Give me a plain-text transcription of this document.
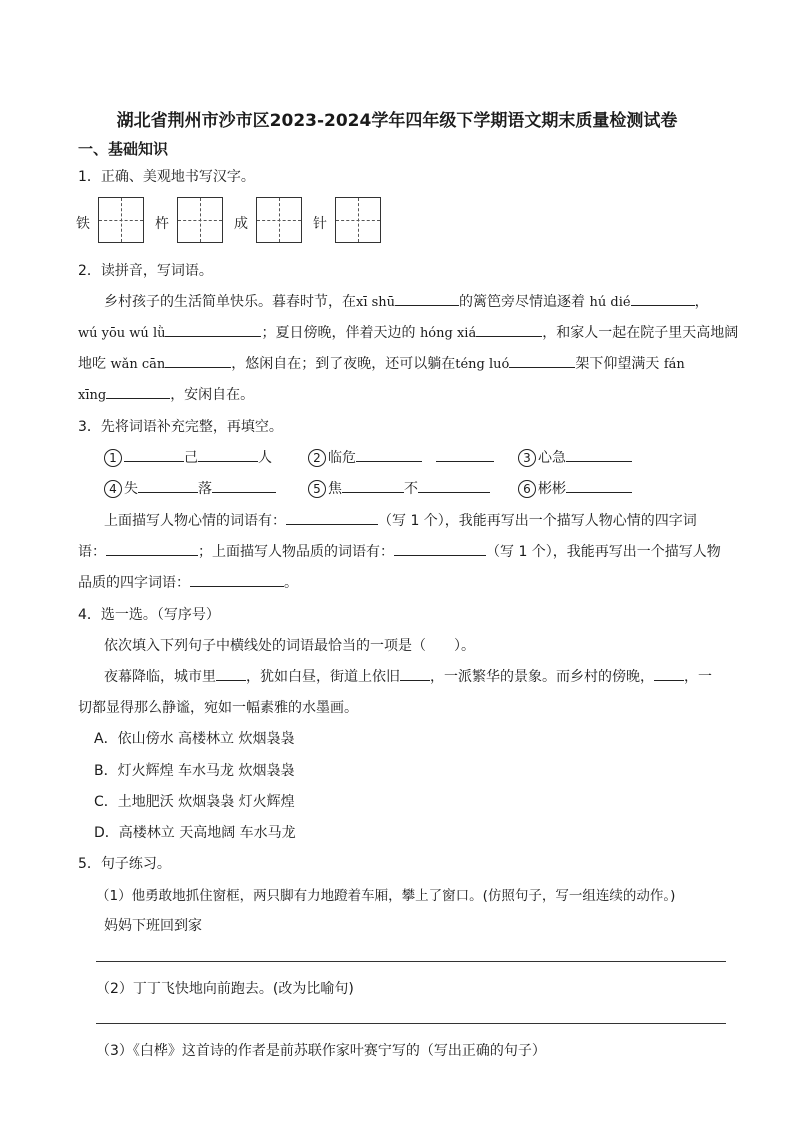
湖北省荆州市沙市区2023-2024学年四年级下学期语文期末质量检测试卷
一、基础知识
1．正确、美观地书写汉字。
铁	杵	成	针
2．读拼音，写词语。
乡村孩子的生活简单快乐。暮春时节，在xī shū	的篱笆旁尽情追逐着 hú dié	，
wú yōu wú lǜ	；夏日傍晚，伴着天边的 hóng xiá	，和家人一起在院子里天高地阔
地吃 wǎn cān	，悠闲自在；到了夜晚，还可以躺在téng luó	架下仰望满天 fán
xīng	，安闲自在。
3．先将词语补充完整，再填空。
1	己	人	2 临危	3 心急
4 失	落	5 焦	不	6 彬彬
上面描写人物心情的词语有：	（写 1 个），我能再写出一个描写人物心情的四字词
语：	；上面描写人物品质的词语有：	（写 1 个），我能再写出一个描写人物
品质的四字词语：	。
4．选一选。（写序号）
依次填入下列句子中横线处的词语最恰当的一项是（　　）。
夜幕降临，城市里 ，犹如白昼，街道上依旧 ，一派繁华的景象。而乡村的傍晚， ，一
切都显得那么静谧，宛如一幅素雅的水墨画。
A．依山傍水 高楼林立 炊烟袅袅
B．灯火辉煌 车水马龙 炊烟袅袅
C．土地肥沃 炊烟袅袅 灯火辉煌
D．高楼林立 天高地阔 车水马龙
5．句子练习。
（1）他勇敢地抓住窗框，两只脚有力地蹬着车厢，攀上了窗口。(仿照句子，写一组连续的动作。)
妈妈下班回到家
（2）丁丁飞快地向前跑去。(改为比喻句)
（3）《白桦》这首诗的作者是前苏联作家叶赛宁写的（写出正确的句子）
